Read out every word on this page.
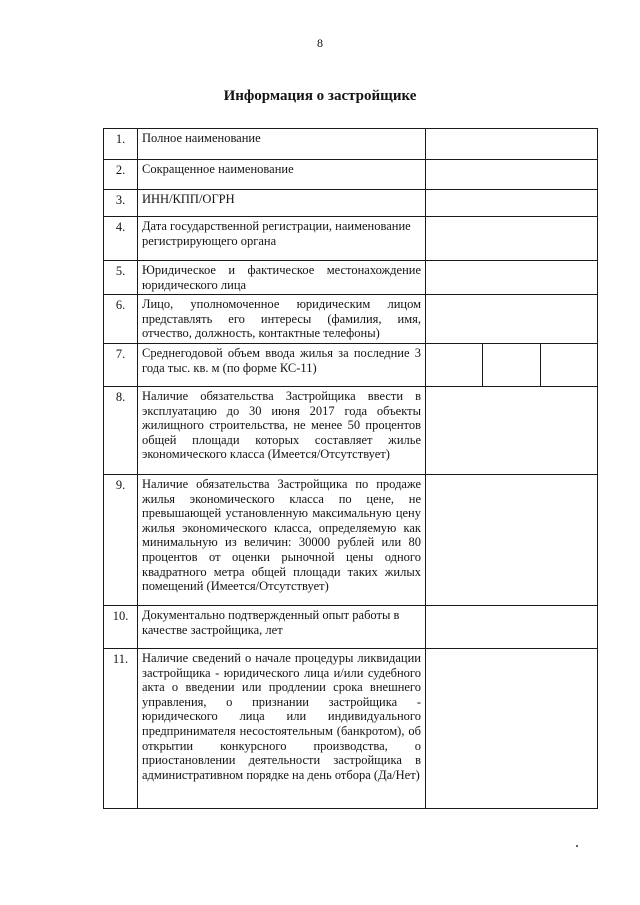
8
Информация о застройщике
1.	Полное наименование	
2.	Сокращенное наименование	
3.	ИНН/КПП/ОГРН	
4.	Дата государственной регистрации, наименование регистрирующего органа	
5.	Юридическое и фактическое местонахождение юридического лица	
6.	Лицо, уполномоченное юридическим лицом представлять его интересы (фамилия, имя, отчество, должность, контактные телефоны)	
7.	Среднегодовой объем ввода жилья за последние 3 года тыс. кв. м (по форме КС-11)	

8.	Наличие обязательства Застройщика ввести в эксплуатацию до 30 июня 2017 года объекты жилищного строительства, не менее 50 процентов общей площади которых составляет жилье экономического класса (Имеется/Отсутствует)	
9.	Наличие обязательства Застройщика по продаже жилья экономического класса по цене, не превышающей установленную максимальную цену жилья экономического класса, определяемую как минимальную из величин: 30000 рублей или 80 процентов от оценки рыночной цены одного квадратного метра общей площади таких жилых помещений (Имеется/Отсутствует)	
10.	Документально подтвержденный опыт работы в качестве застройщика, лет	
11.	Наличие сведений о начале процедуры ликвидации застройщика - юридического лица и/или судебного акта о введении или продлении срока внешнего управления, о признании застройщика - юридического лица или индивидуального предпринимателя несостоятельным (банкротом), об открытии конкурсного производства, о приостановлении деятельности застройщика в административном порядке на день отбора (Да/Нет)	
